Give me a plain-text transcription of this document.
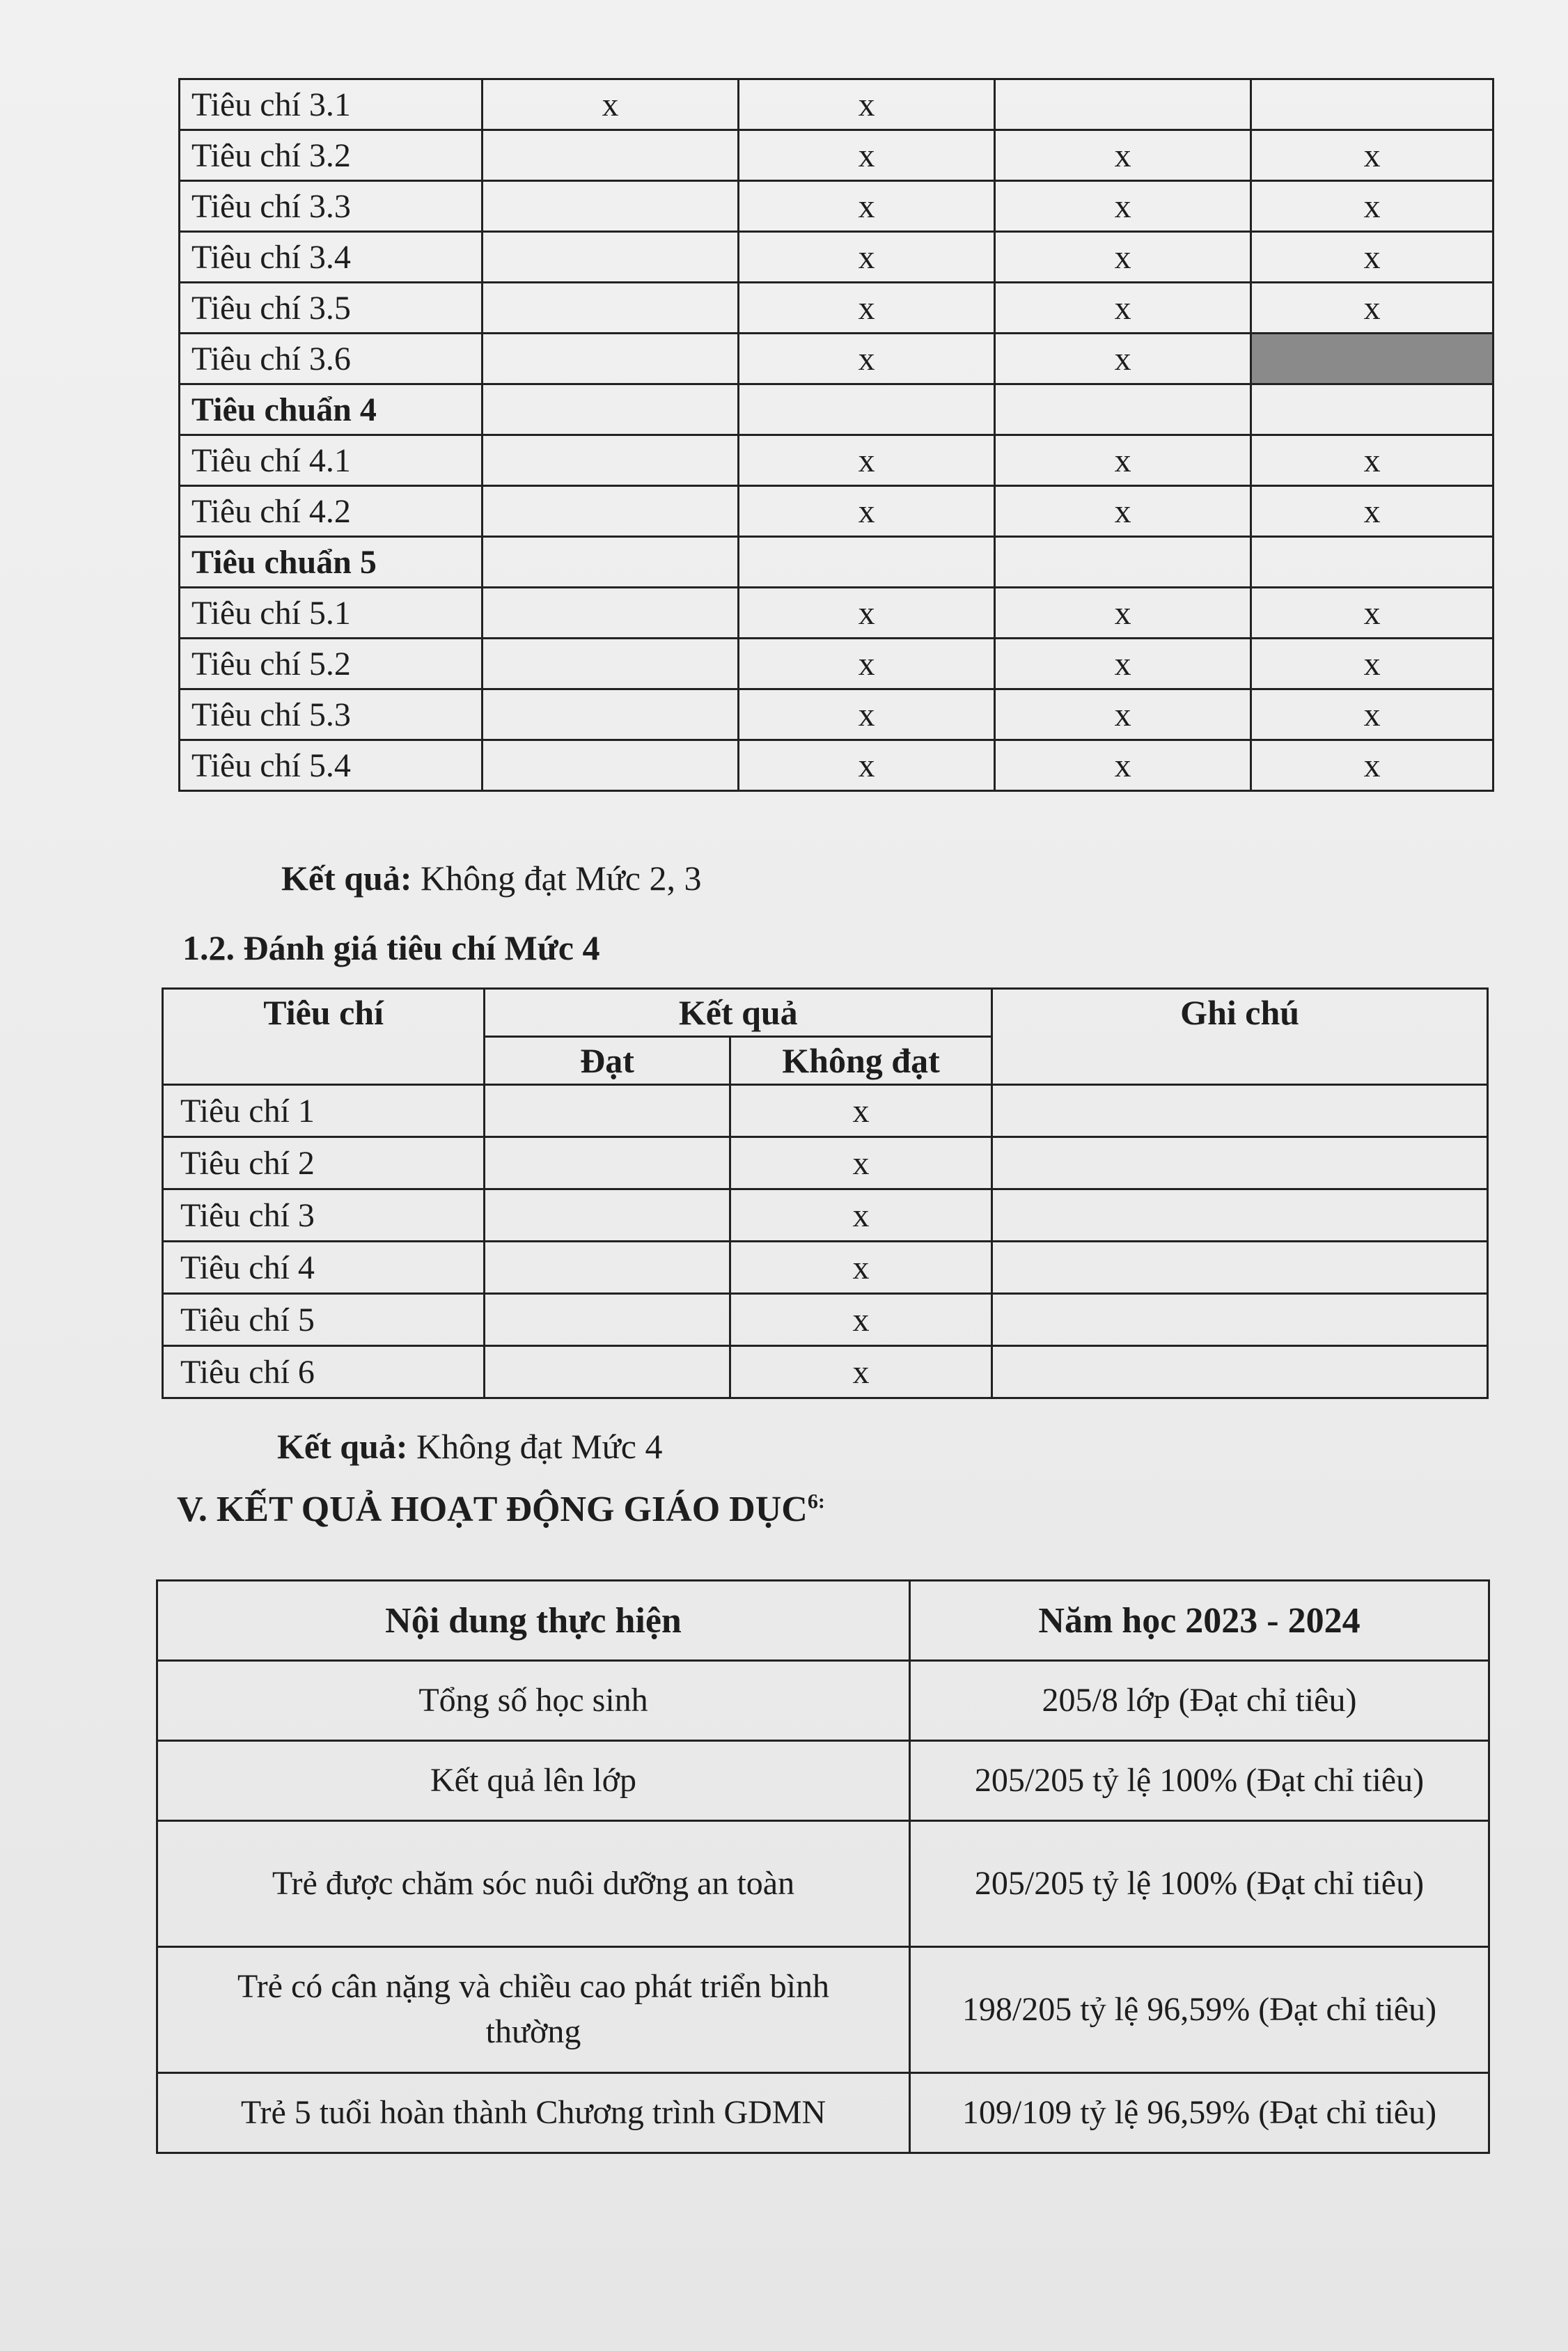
Tiêu chí 3.1	x	x		
Tiêu chí 3.2		x	x	x
Tiêu chí 3.3		x	x	x
Tiêu chí 3.4		x	x	x
Tiêu chí 3.5		x	x	x
Tiêu chí 3.6		x	x	
Tiêu chuẩn 4				
Tiêu chí 4.1		x	x	x
Tiêu chí 4.2		x	x	x
Tiêu chuẩn 5				
Tiêu chí 5.1		x	x	x
Tiêu chí 5.2		x	x	x
Tiêu chí 5.3		x	x	x
Tiêu chí 5.4		x	x	x
Kết quả: Không đạt Mức 2, 3
1.2. Đánh giá tiêu chí Mức 4
Tiêu chí	Kết quả		Ghi chú
	Đạt	Không đạt	
Tiêu chí 1		x	
Tiêu chí 2		x	
Tiêu chí 3		x	
Tiêu chí 4		x	
Tiêu chí 5		x	
Tiêu chí 6		x	
Kết quả: Không đạt Mức 4
V. KẾT QUẢ HOẠT ĐỘNG GIÁO DỤC$^{6:}$
Nội dung thực hiện	Năm học 2023 - 2024
Tổng số học sinh	205/8 lớp (Đạt chỉ tiêu)
Kết quả lên lớp	205/205 tỷ lệ 100% (Đạt chỉ tiêu)
Trẻ được chăm sóc nuôi dưỡng an toàn	205/205 tỷ lệ 100% (Đạt chỉ tiêu)
Trẻ có cân nặng và chiều cao phát triển bình thường	198/205 tỷ lệ 96,59% (Đạt chỉ tiêu)
Trẻ 5 tuổi hoàn thành Chương trình GDMN	109/109 tỷ lệ 96,59% (Đạt chỉ tiêu)
